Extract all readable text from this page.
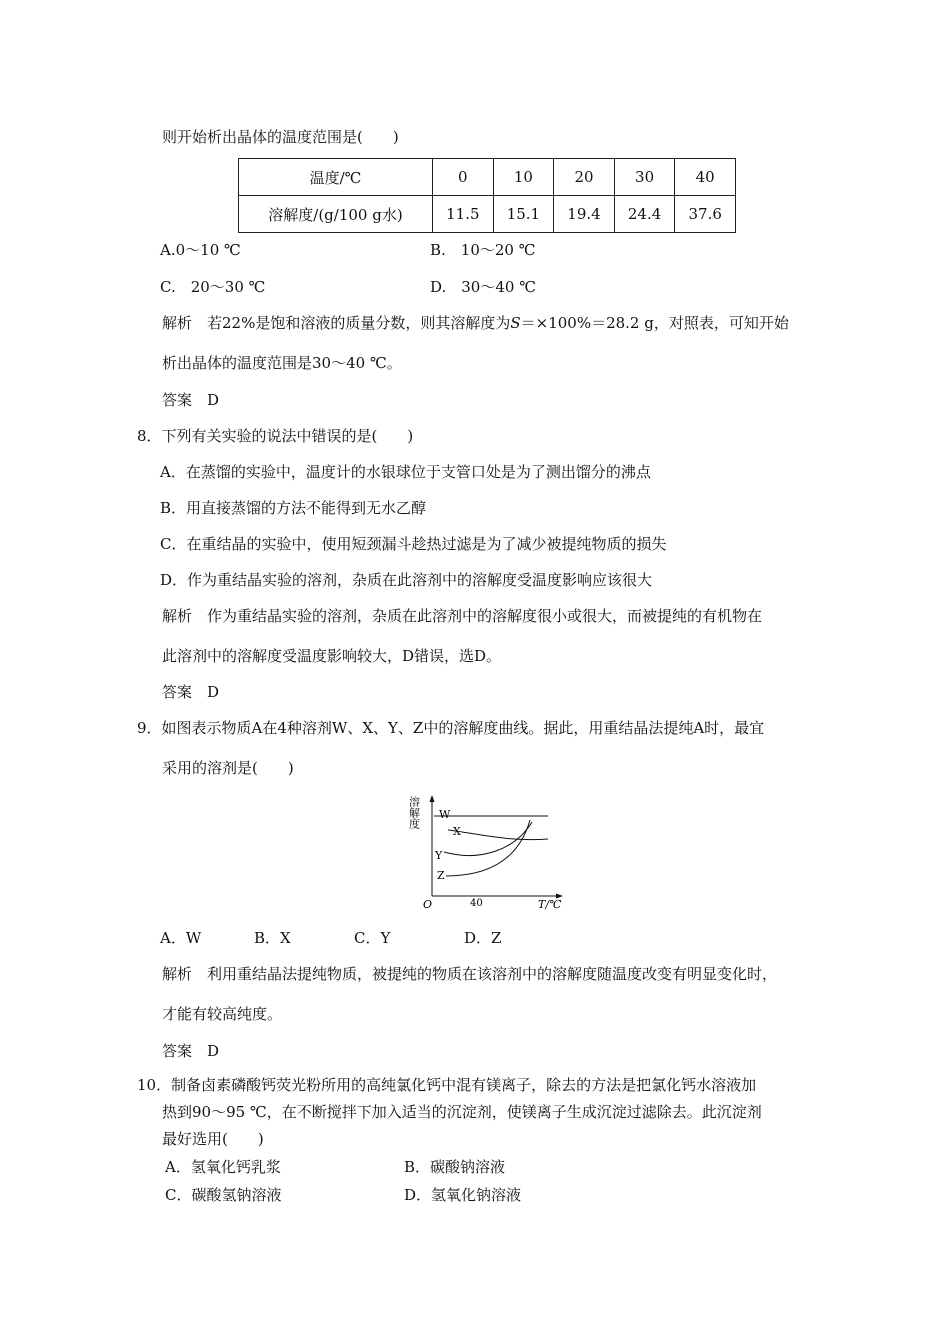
则开始析出晶体的温度范围是(　　)
温度/℃	0	10	20	30	40
溶解度/(g/100 g水)	11.5	15.1	19.4	24.4	37.6
A.0～10 ℃	B.　10～20 ℃
C.　20～30 ℃	D.　30～40 ℃
解析　若22%是饱和溶液的质量分数，则其溶解度为S＝×100%＝28.2 g，对照表，可知开始
析出晶体的温度范围是30～40 ℃。
答案　D
8．下列有关实验的说法中错误的是(　　)
A．在蒸馏的实验中，温度计的水银球位于支管口处是为了测出馏分的沸点
B．用直接蒸馏的方法不能得到无水乙醇
C．在重结晶的实验中，使用短颈漏斗趁热过滤是为了减少被提纯物质的损失
D．作为重结晶实验的溶剂，杂质在此溶剂中的溶解度受温度影响应该很大
解析　作为重结晶实验的溶剂，杂质在此溶剂中的溶解度很小或很大，而被提纯的有机物在
此溶剂中的溶解度受温度影响较大，D错误，选D。
答案　D
9．如图表示物质A在4种溶剂W、X、Y、Z中的溶解度曲线。据此，用重结晶法提纯A时，最宜
采用的溶剂是(　　)
溶解度
O	40	T/℃
W
X
Y
Z
A．W	B．X	C．Y	D．Z
解析　利用重结晶法提纯物质，被提纯的物质在该溶剂中的溶解度随温度改变有明显变化时，
才能有较高纯度。
答案　D
10．制备卤素磷酸钙荧光粉所用的高纯氯化钙中混有镁离子，除去的方法是把氯化钙水溶液加
热到90～95 ℃，在不断搅拌下加入适当的沉淀剂，使镁离子生成沉淀过滤除去。此沉淀剂
最好选用(　　)
A．氢氧化钙乳浆	B．碳酸钠溶液
C．碳酸氢钠溶液	D．氢氧化钠溶液
